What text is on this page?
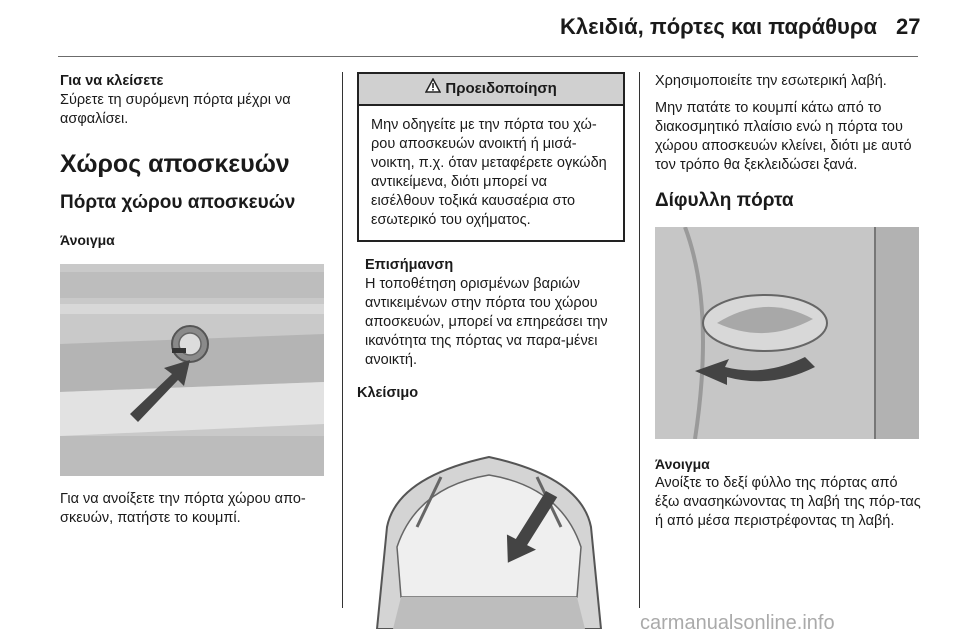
Κλειδιά, πόρτες και παράθυρα 27
Για να κλείσετε

Σύρετε τη συρόμενη πόρτα μέχρι να ασφαλίσει.

Χώρος αποσκευών
Πόρτα χώρου αποσκευών
Άνοιγμα

Για να ανοίξετε την πόρτα χώρου απο-σκευών, πατήστε το κουμπί.

Προειδοποίηση
Μην οδηγείτε με την πόρτα του χώ-ρου αποσκευών ανοικτή ή μισά-νοικτη, π.χ. όταν μεταφέρετε ογκώδη αντικείμενα, διότι μπορεί να εισέλθουν τοξικά καυσαέρια στο εσωτερικό του οχήματος.
Επισήμανση

Η τοποθέτηση ορισμένων βαριών αντικειμένων στην πόρτα του χώρου αποσκευών, μπορεί να επηρεάσει την ικανότητα της πόρτας να παρα-μένει ανοικτή.

Κλείσιμο

Χρησιμοποιείτε την εσωτερική λαβή.

Μην πατάτε το κουμπί κάτω από το διακοσμητικό πλαίσιο ενώ η πόρτα του χώρου αποσκευών κλείνει, διότι με αυτό τον τρόπο θα ξεκλειδώσει ξανά.

Δίφυλλη πόρτα
Άνοιγμα

Ανοίξτε το δεξί φύλλο της πόρτας από έξω ανασηκώνοντας τη λαβή της πόρ-τας ή από μέσα περιστρέφοντας τη λαβή.

carmanualsonline.info
